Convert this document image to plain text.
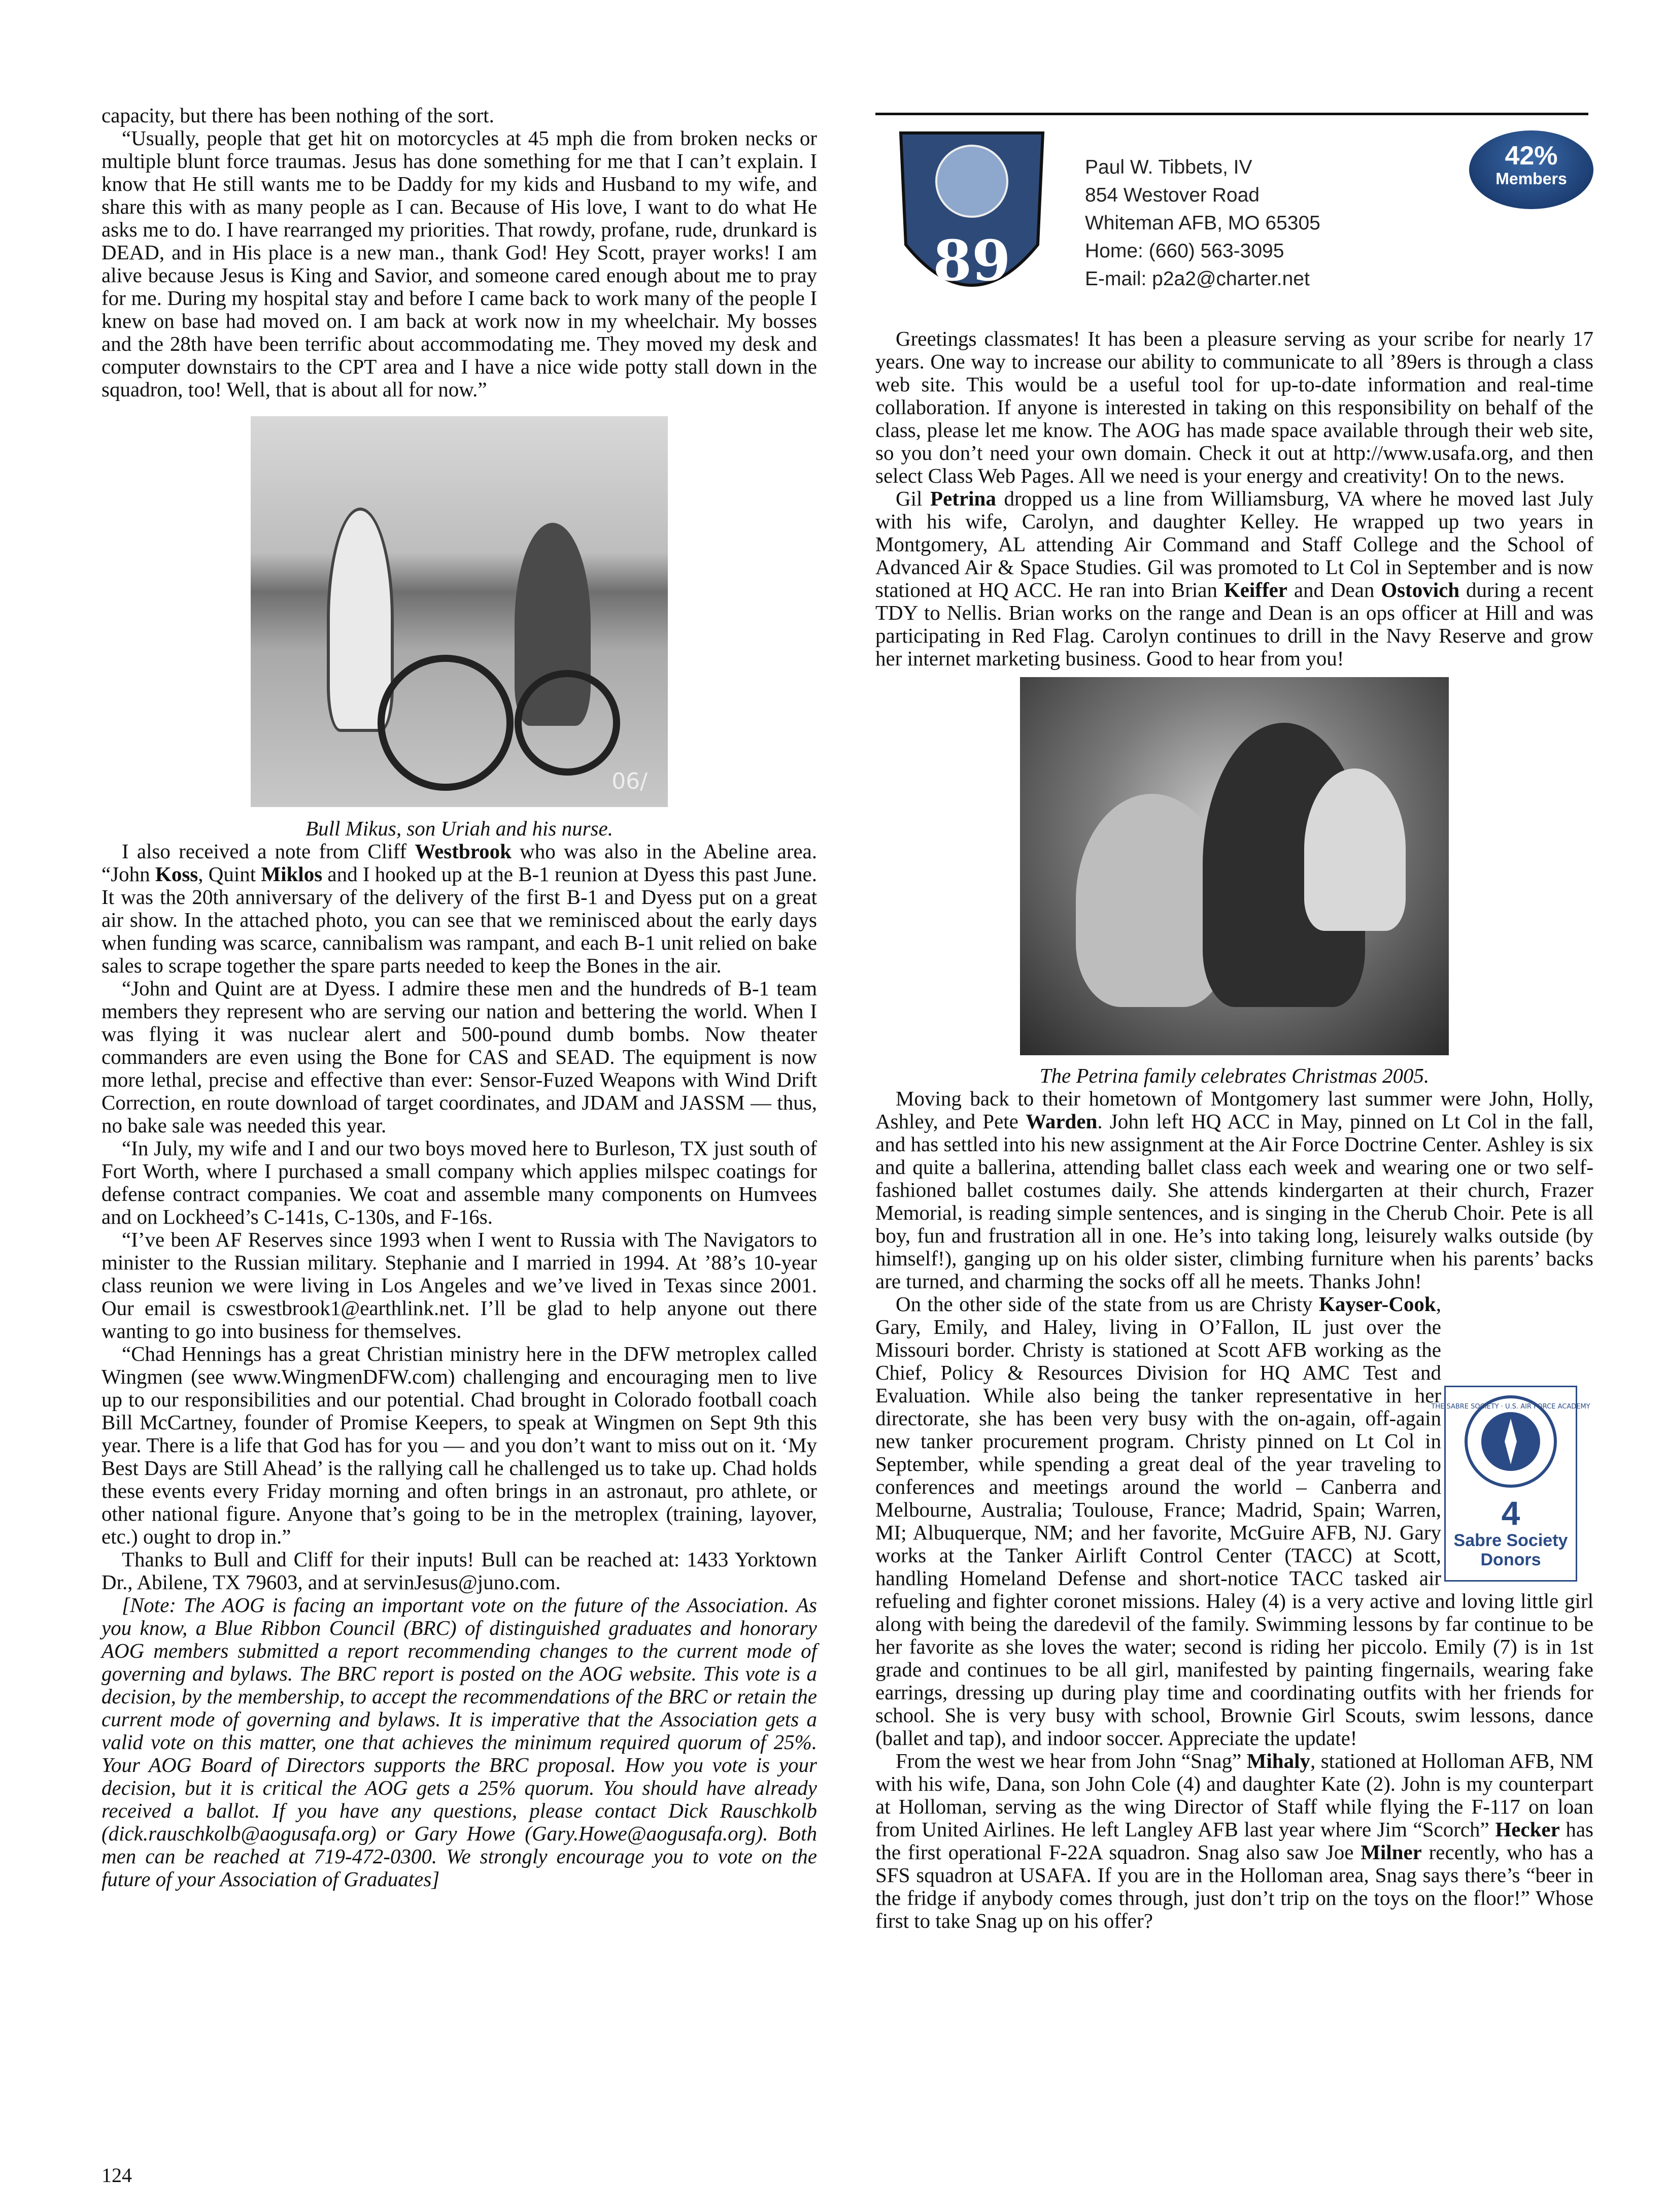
capacity, but there has been nothing of the sort.

“Usually, people that get hit on motorcycles at 45 mph die from broken necks or multiple blunt force traumas. Jesus has done something for me that I can’t explain. I know that He still wants me to be Daddy for my kids and Husband to my wife, and share this with as many people as I can. Because of His love, I want to do what He asks me to do. I have rearranged my priorities. That rowdy, profane, rude, drunkard is DEAD, and in His place is a new man., thank God! Hey Scott, prayer works! I am alive because Jesus is King and Savior, and someone cared enough about me to pray for me. During my hospital stay and before I came back to work many of the people I knew on base had moved on. I am back at work now in my wheelchair. My bosses and the 28th have been terrific about accommodating me. They moved my desk and computer downstairs to the CPT area and I have a nice wide potty stall down in the squadron, too! Well, that is about all for now.”

06/

Bull Mikus, son Uriah and his nurse.

I also received a note from Cliff Westbrook who was also in the Abeline area. “John Koss, Quint Miklos and I hooked up at the B-1 reunion at Dyess this past June. It was the 20th anniversary of the delivery of the first B-1 and Dyess put on a great air show. In the attached photo, you can see that we reminisced about the early days when funding was scarce, cannibalism was rampant, and each B-1 unit relied on bake sales to scrape together the spare parts needed to keep the Bones in the air.

“John and Quint are at Dyess. I admire these men and the hundreds of B-1 team members they represent who are serving our nation and bettering the world. When I was flying it was nuclear alert and 500-pound dumb bombs. Now theater commanders are even using the Bone for CAS and SEAD. The equipment is now more lethal, precise and effective than ever: Sensor-Fuzed Weapons with Wind Drift Correction, en route download of target coordinates, and JDAM and JASSM — thus, no bake sale was needed this year.

“In July, my wife and I and our two boys moved here to Burleson, TX just south of Fort Worth, where I purchased a small company which applies milspec coatings for defense contract companies. We coat and assemble many components on Humvees and on Lockheed’s C-141s, C-130s, and F-16s.

“I’ve been AF Reserves since 1993 when I went to Russia with The Navigators to minister to the Russian military. Stephanie and I married in 1994. At ’88’s 10-year class reunion we were living in Los Angeles and we’ve lived in Texas since 2001. Our email is cswestbrook1@earthlink.net. I’ll be glad to help anyone out there wanting to go into business for themselves.

“Chad Hennings has a great Christian ministry here in the DFW metroplex called Wingmen (see www.WingmenDFW.com) challenging and encouraging men to live up to our responsibilities and our potential. Chad brought in Colorado football coach Bill McCartney, founder of Promise Keepers, to speak at Wingmen on Sept 9th this year. There is a life that God has for you — and you don’t want to miss out on it. ‘My Best Days are Still Ahead’ is the rallying call he challenged us to take up. Chad holds these events every Friday morning and often brings in an astronaut, pro athlete, or other national figure. Anyone that’s going to be in the metroplex (training, layover, etc.) ought to drop in.”

Thanks to Bull and Cliff for their inputs! Bull can be reached at: 1433 Yorktown Dr., Abilene, TX 79603, and at servinJesus@juno.com.

[Note: The AOG is facing an important vote on the future of the Association. As you know, a Blue Ribbon Council (BRC) of distinguished graduates and honorary AOG members submitted a report recommending changes to the current mode of governing and bylaws. The BRC report is posted on the AOG website. This vote is a decision, by the membership, to accept the recommendations of the BRC or retain the current mode of governing and bylaws. It is imperative that the Association gets a valid vote on this matter, one that achieves the minimum required quorum of 25%. Your AOG Board of Directors supports the BRC proposal. How you vote is your decision, but it is critical the AOG gets a 25% quorum. You should have already received a ballot. If you have any questions, please contact Dick Rauschkolb (dick.rauschkolb@aogusafa.org) or Gary Howe (Gary.Howe@aogusafa.org). Both men can be reached at 719-472-0300. We strongly encourage you to vote on the future of your Association of Graduates]

89
Paul W. Tibbets, IV
854 Westover Road
Whiteman AFB, MO 65305
Home: (660) 563-3095
E-mail: p2a2@charter.net
42%
Members

Greetings classmates! It has been a pleasure serving as your scribe for nearly 17 years. One way to increase our ability to communicate to all ’89ers is through a class web site. This would be a useful tool for up-to-date information and real-time collaboration. If anyone is interested in taking on this responsibility on behalf of the class, please let me know. The AOG has made space available through their web site, so you don’t need your own domain. Check it out at http://www.usafa.org, and then select Class Web Pages. All we need is your energy and creativity! On to the news.

Gil Petrina dropped us a line from Williamsburg, VA where he moved last July with his wife, Carolyn, and daughter Kelley. He wrapped up two years in Montgomery, AL attending Air Command and Staff College and the School of Advanced Air & Space Studies. Gil was promoted to Lt Col in September and is now stationed at HQ ACC. He ran into Brian Keiffer and Dean Ostovich during a recent TDY to Nellis. Brian works on the range and Dean is an ops officer at Hill and was participating in Red Flag. Carolyn continues to drill in the Navy Reserve and grow her internet marketing business. Good to hear from you!

The Petrina family celebrates Christmas 2005.

Moving back to their hometown of Montgomery last summer were John, Holly, Ashley, and Pete Warden. John left HQ ACC in May, pinned on Lt Col in the fall, and has settled into his new assignment at the Air Force Doctrine Center. Ashley is six and quite a ballerina, attending ballet class each week and wearing one or two self-fashioned ballet costumes daily. She attends kindergarten at their church, Frazer Memorial, is reading simple sentences, and is singing in the Cherub Choir. Pete is all boy, fun and frustration all in one. He’s into taking long, leisurely walks outside (by himself!), ganging up on his older sister, climbing furniture when his parents’ backs are turned, and charming the socks off all he meets. Thanks John!

On the other side of the state from us are Christy Kayser-Cook, Gary, Emily, and Haley, living in O’Fallon, IL just over the Missouri border. Christy is stationed at Scott AFB working as the Chief, Policy & Resources Division for HQ AMC Test and Evaluation. While also being the tanker representative in her directorate, she has been very busy with the on-again, off-again new tanker procurement program. Christy pinned on Lt Col in September, while spending a great deal of the year traveling to conferences and meetings around the world – Canberra and Melbourne, Australia; Toulouse, France; Madrid, Spain; Warren, MI; Albuquerque, NM; and her favorite, McGuire AFB, NJ. Gary works at the Tanker Airlift Control Center (TACC) at Scott, handling Homeland Defense and short-notice TACC tasked air refueling and fighter coronet missions. Haley (4) is a very active and loving little girl along with being the daredevil of the family. Swimming lessons by far continue to be her favorite as she loves the water; second is riding her piccolo. Emily (7) is in 1st grade and continues to be all girl, manifested by painting fingernails, wearing fake earrings, dressing up during play time and coordinating outfits with her friends for school. She is very busy with school, Brownie Girl Scouts, swim lessons, dance (ballet and tap), and indoor soccer. Appreciate the update!

From the west we hear from John “Snag” Mihaly, stationed at Holloman AFB, NM with his wife, Dana, son John Cole (4) and daughter Kate (2). John is my counterpart at Holloman, serving as the wing Director of Staff while flying the F-117 on loan from United Airlines. He left Langley AFB last year where Jim “Scorch” Hecker has the first operational F-22A squadron. Snag also saw Joe Milner recently, who has a SFS squadron at USAFA. If you are in the Holloman area, Snag says there’s “beer in the fridge if anybody comes through, just don’t trip on the toys on the floor!” Whose first to take Snag up on his offer?

THE SABRE SOCIETY · U.S. AIR FORCE ACADEMY
4
Sabre Society
Donors
124
